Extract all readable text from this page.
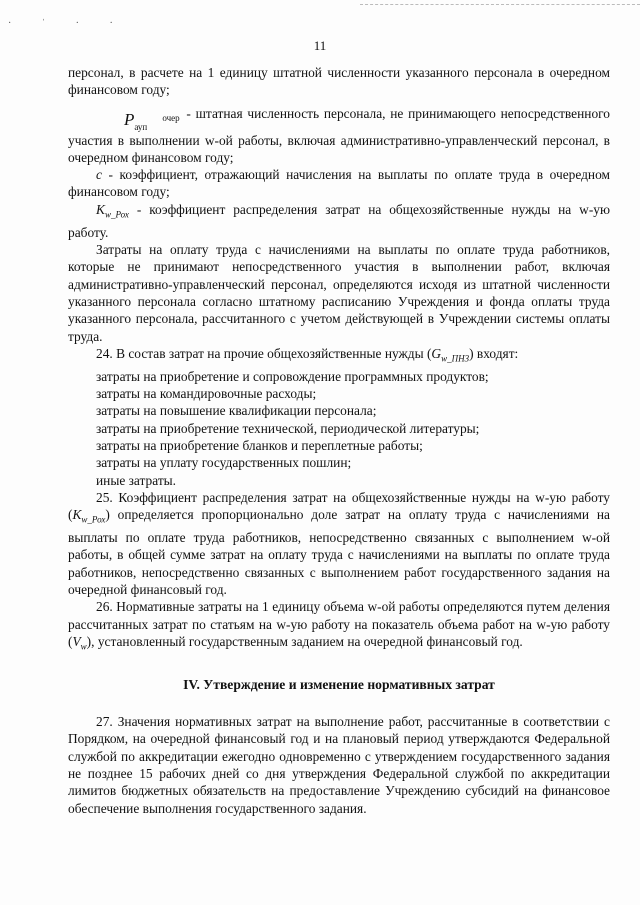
· ˈ · ·
11

персонал, в расчете на 1 единицу штатной численности указанного персонала в очередном финансовом году;

P	очер
ауп - штатная численность персонала, не принимающего непосредственного участия в выполнении w-ой работы, включая административно-управленческий персонал, в очередном финансовом году;

c - коэффициент, отражающий начисления на выплаты по оплате труда в очередном финансовом году;

$K_{w\_Рох}$ - коэффициент распределения затрат на общехозяйственные нужды на w-ую работу.

Затраты на оплату труда с начислениями на выплаты по оплате труда работников, которые не принимают непосредственного участия в выполнении работ, включая административно-управленческий персонал, определяются исходя из штатной численности указанного персонала согласно штатному расписанию Учреждения и фонда оплаты труда указанного персонала, рассчитанного с учетом действующей в Учреждении системы оплаты труда.

24. В состав затрат на прочие общехозяйственные нужды $(G_{w\_ПН3})$ входят:

затраты на приобретение и сопровождение программных продуктов;

затраты на командировочные расходы;

затраты на повышение квалификации персонала;

затраты на приобретение технической, периодической литературы;

затраты на приобретение бланков и переплетные работы;

затраты на уплату государственных пошлин;

иные затраты.

25. Коэффициент распределения затрат на общехозяйственные нужды на w-ую работу $(K_{w\_Рох})$ определяется пропорционально доле затрат на оплату труда с начислениями на выплаты по оплате труда работников, непосредственно связанных с выполнением w-ой работы, в общей сумме затрат на оплату труда с начислениями на выплаты по оплате труда работников, непосредственно связанных с выполнением работ государственного задания на очередной финансовый год.

26. Нормативные затраты на 1 единицу объема w-ой работы определяются путем деления рассчитанных затрат по статьям на w-ую работу на показатель объема работ на w-ую работу $(V_w)$, установленный государственным заданием на очередной финансовый год.

IV. Утверждение и изменение нормативных затрат

27. Значения нормативных затрат на выполнение работ, рассчитанные в соответствии с Порядком, на очередной финансовый год и на плановый период утверждаются Федеральной службой по аккредитации ежегодно одновременно с утверждением государственного задания не позднее 15 рабочих дней со дня утверждения Федеральной службой по аккредитации лимитов бюджетных обязательств на предоставление Учреждению субсидий на финансовое обеспечение выполнения государственного задания.
